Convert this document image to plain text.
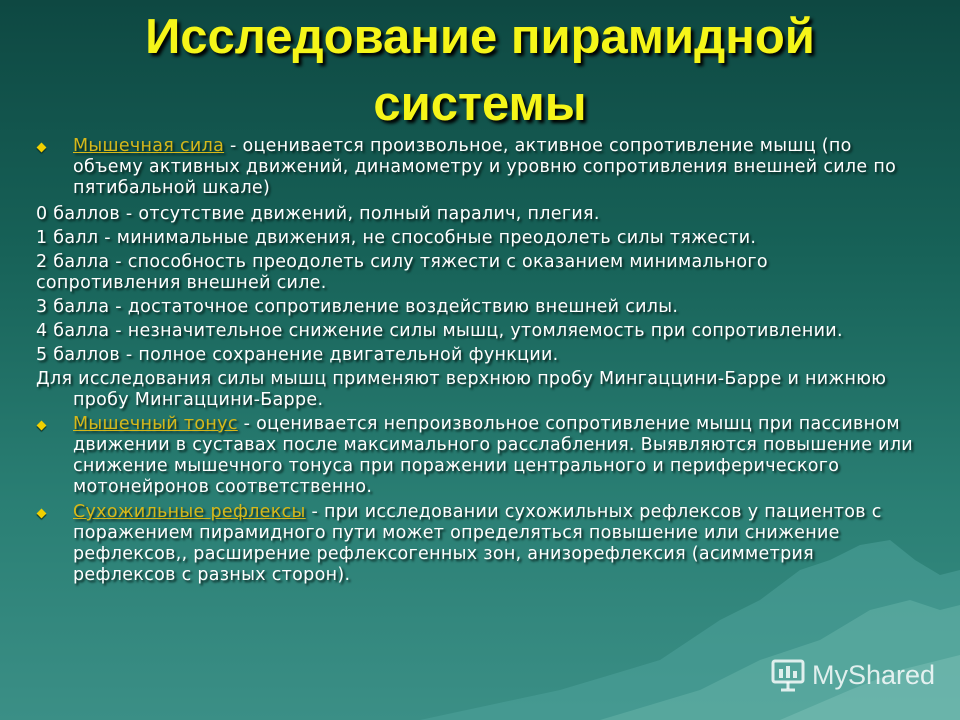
Исследование пирамидной
системы
Мышечная сила - оценивается произвольное, активное сопротивление мышц (по объему активных движений, динамометру и уровню сопротивления внешней силе по пятибальной шкале)
0 баллов - отсутствие движений, полный паралич, плегия.
1 балл - минимальные движения, не способные преодолеть силы тяжести.
2 балла - способность преодолеть силу тяжести с оказанием минимального сопротивления внешней силе.
3 балла - достаточное сопротивление воздействию внешней силы.
4 балла - незначительное снижение силы мышц, утомляемость при сопротивлении.
5 баллов - полное сохранение двигательной функции.
Для исследования силы мышц применяют верхнюю пробу Мингаццини-Барре и нижнюю пробу Мингаццини-Барре.
Мышечный тонус - оценивается непроизвольное сопротивление мышц при пассивном движении в суставах после максимального расслабления. Выявляются повышение или снижение мышечного тонуса при поражении центрального и периферического мотонейронов соответственно.
Сухожильные рефлексы - при исследовании сухожильных рефлексов у пациентов с поражением пирамидного пути может определяться повышение или снижение рефлексов,, расширение рефлексогенных зон, анизорефлексия (асимметрия рефлексов с разных сторон).
MyShared
